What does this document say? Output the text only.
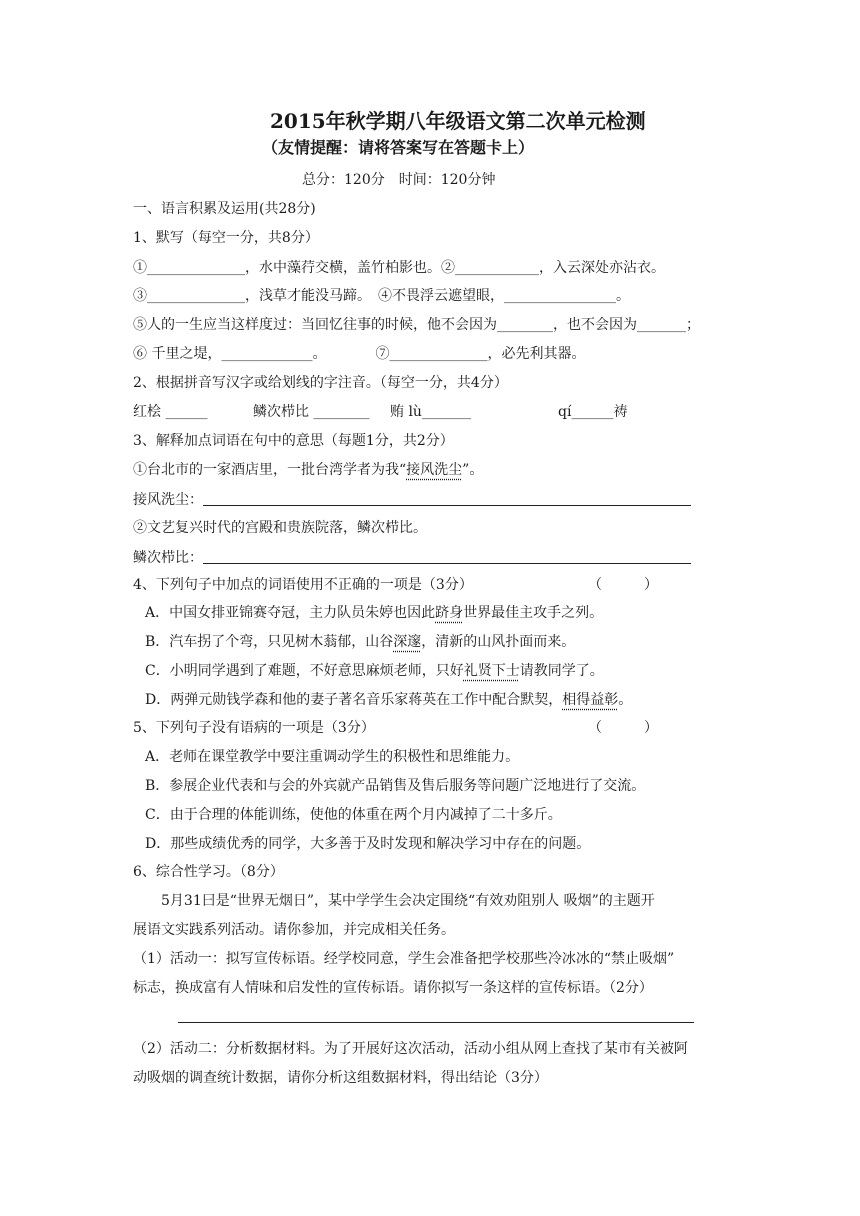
2015年秋学期八年级语文第二次单元检测
（友情提醒：请将答案写在答题卡上）
总分：120分　时间：120分钟
一、语言积累及运用(共28分)
1、默写（每空一分，共8分）
①______________，水中藻荇交横，盖竹柏影也。②____________，入云深处亦沾衣。
③______________，浅草才能没马蹄。　④不畏浮云遮望眼，________________。
⑤人的一生应当这样度过：当回忆往事的时候，他不会因为________，也不会因为_______；
⑥ 千里之堤，_____________。　　　　⑦______________，必先利其器。
2、根据拼音写汉字或给划线的字注音。（每空一分，共4分）
红桧 ______	鳞次栉比 ________ 贿 lù_______	qí______祷
3、解释加点词语在句中的意思（每题1分，共2分）
①台北市的一家酒店里，一批台湾学者为我“接风洗尘”。
接风洗尘：
②文艺复兴时代的宫殿和贵族院落，鳞次栉比。
鳞次栉比：
4、下列句子中加点的词语使用不正确的一项是（3分）	（　　　）
A．中国女排亚锦赛夺冠，主力队员朱婷也因此跻身世界最佳主攻手之列。
B．汽车拐了个弯，只见树木蓊郁，山谷深邃，清新的山风扑面而来。
C．小明同学遇到了难题，不好意思麻烦老师，只好礼贤下士请教同学了。
D．两弹元勋钱学森和他的妻子著名音乐家蒋英在工作中配合默契，相得益彰。
5、下列句子没有语病的一项是（3分）	（　　　）
A．老师在课堂教学中要注重调动学生的积极性和思维能力。
B．参展企业代表和与会的外宾就产品销售及售后服务等问题广泛地进行了交流。
C．由于合理的体能训练，使他的体重在两个月内减掉了二十多斤。
D．那些成绩优秀的同学，大多善于及时发现和解决学习中存在的问题。
6、综合性学习。（8分）
　　5月31曰是“世界无烟日”，某中学学生会决定围绕“有效劝阻别人 吸烟”的主题开
展语文实践系列活动。请你参加，并完成相关任务。
（1）活动一：拟写宣传标语。经学校同意，学生会准备把学校那些冷冰冰的“禁止吸烟”
标志，换成富有人情味和启发性的宣传标语。请你拟写一条这样的宣传标语。（2分）
（2）活动二：分析数据材料。为了开展好这次活动，活动小组从网上查找了某市有关被阿
动吸烟的调查统计数据，请你分析这组数据材料，得出结论（3分）
